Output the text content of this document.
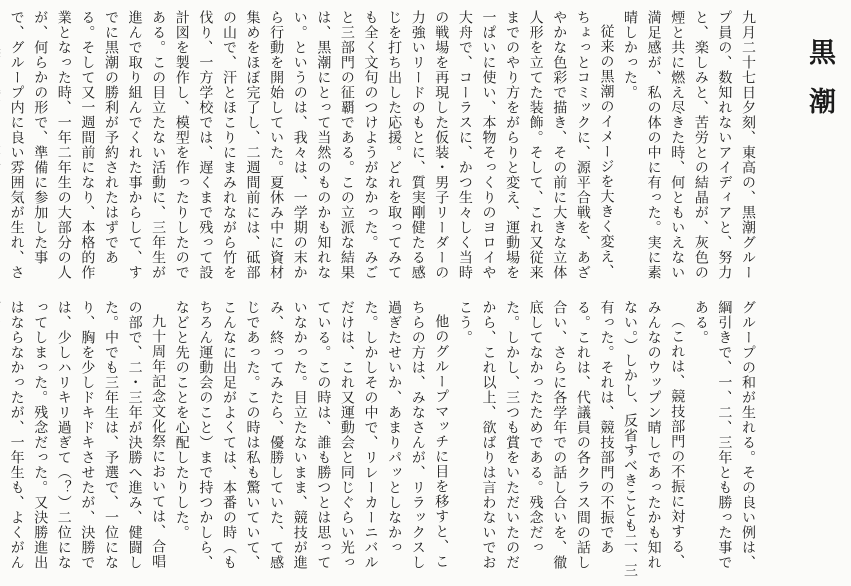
黒潮

九月二十七日夕刻、東高の、黒潮グループ員の、数知れないアイディアと、努力と、楽しみと、苦労との結晶が、灰色の煙と共に燃え尽きた時、何ともいえない満足感が、私の体の中に有った。実に素晴しかった。

従来の黒潮のイメージを大きく変え、ちょっとコミックに、源平合戦を、あざやかな色彩で描き、その前に大きな立体人形を立てた装飾。そして、これ又従来までのやり方をがらりと変え、運動場を一ぱいに使い、本物そっくりのヨロイや大舟で、コーラスに、かつ生々しく当時の戦場を再現した仮装・男子リーダーの力強いリードのもとに、質実剛健たる感じを打ち出した応援。どれを取ってみても全く文句のつけようがなかった。みごと三部門の征覇である。この立派な結果は、黒潮にとって当然のものかも知れない。というのは、我々は、一学期の末から行動を開始していた。夏休み中に資材集めをほぼ完了し、二週間前には、砥部の山で、汗とほこりにまみれながら竹を伐り、一方学校では、遅くまで残って設計図を製作し、模型を作ったりしたのである。この目立たない活動に、三年生が進んで取り組んでくれた事からして、すでに黒潮の勝利が予約されたはずである。そして又一週間前になり、本格的作業となった時、一年二年生の大部分の人が、何らかの形で、準備に参加した事で、グループ内に良い雰囲気が生れ、さ

グループの和が生れる。その良い例は、綱引きで、一、二、三年とも勝った事である。

（これは、競技部門の不振に対する、みんなのウップン晴しであったかも知れない。）しかし、反省すべきことも二、三有った。それは、競技部門の不振である。これは、代議員の各クラス間の話し合い、さらに各学年での話し合いを、徹底してなかったためである。残念だった。しかし、三つも賞をいただいたのだから、これ以上、欲ばりは言わないでおこう。

他のグループマッチに目を移すと、こちらの方は、みなさんが、リラックスし過ぎたせいか、あまりパッとしなかった。しかしその中で、リレーカーニバルだけは、これ又運動会と同じぐらい光っている。この時は、誰も勝つとは思っていなかった。目立たないまま、競技が進み、終ってみたら、優勝していた、て感じであった。この時は私も驚いていて、こんなに出足がよくては、本番の時（もちろん運動会のこと）まで持つかしら、などと先のことを心配したりした。

九十周年記念文化祭においては、合唱の部で、二・三年が決勝へ進み、健闘した。中でも三年生は、予選で、一位になり、胸を少しドキドキさせたが、決勝では、少しハリキリ過ぎて（？）二位になってしまった。残念だった。又決勝進出はならなかったが、一年生も、よくがん
